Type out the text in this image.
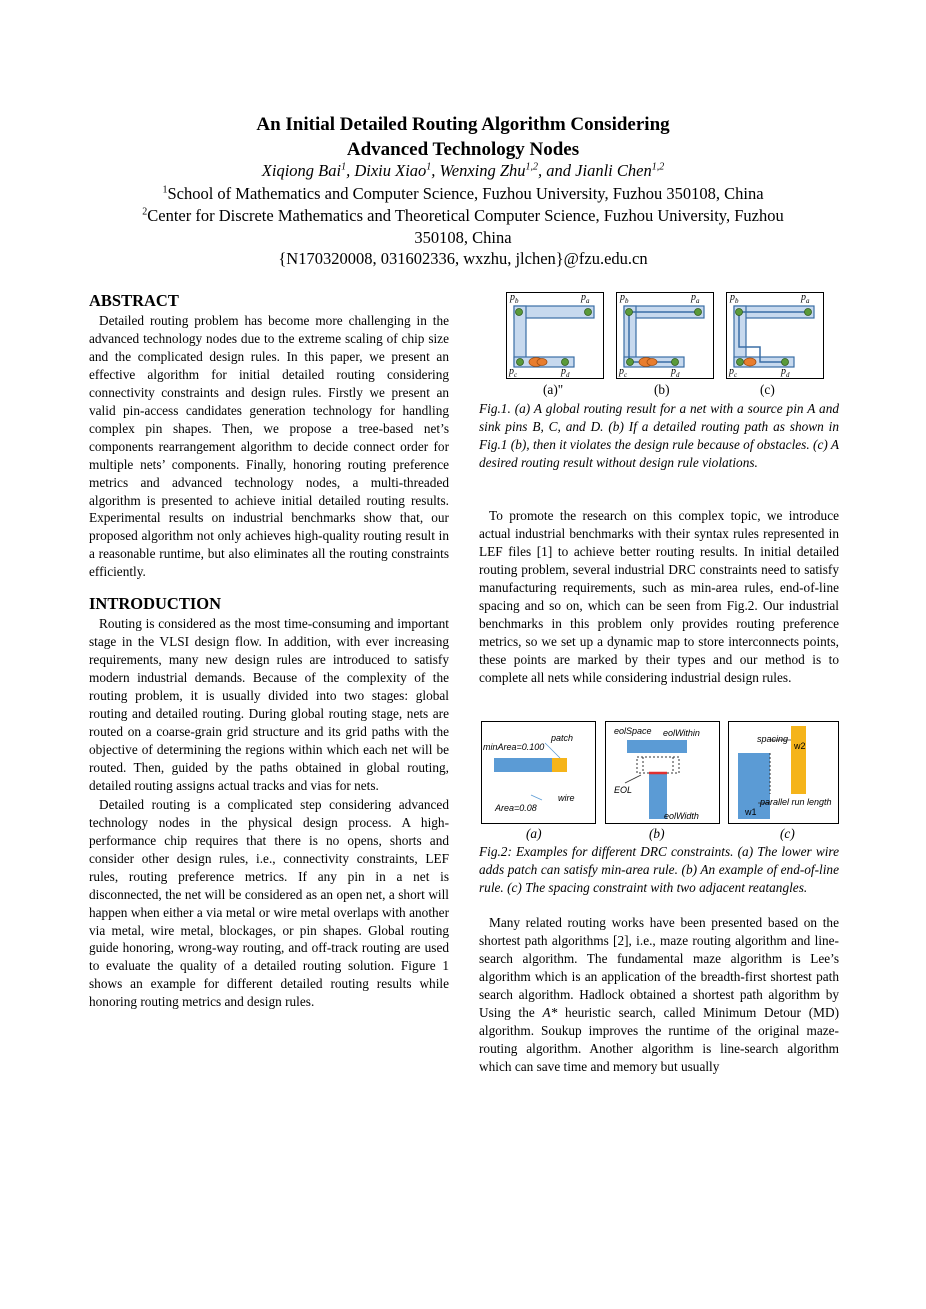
An Initial Detailed Routing Algorithm Considering
Advanced Technology Nodes
Xiqiong Bai$^1$, Dixiu Xiao$^1$, Wenxing Zhu$^{1,2}$, and Jianli Chen$^{1,2}$
$^1$School of Mathematics and Computer Science, Fuzhou University, Fuzhou 350108, China
$^2$Center for Discrete Mathematics and Theoretical Computer Science, Fuzhou University, Fuzhou
350108, China
{N170320008, 031602336, wxzhu, jlchen}@fzu.edu.cn
ABSTRACT

Detailed routing problem has become more challenging in the advanced technology nodes due to the extreme scaling of chip size and the complicated design rules. In this paper, we present an effective algorithm for initial detailed routing considering connectivity constraints and design rules. Firstly we present an valid pin-access candidates generation technology for handling complex pin shapes. Then, we propose a tree-based net’s components rearrangement algorithm to decide connect order for multiple nets’ components. Finally, honoring routing preference metrics and advanced technology nodes, a multi-threaded algorithm is presented to achieve initial detailed routing results. Experimental results on industrial benchmarks show that, our proposed algorithm not only achieves high-quality routing result in a reasonable runtime, but also eliminates all the routing constraints efficiently.

INTRODUCTION

Routing is considered as the most time-consuming and important stage in the VLSI design flow. In addition, with ever increasing requirements, many new design rules are introduced to satisfy modern industrial demands. Because of the complexity of the routing problem, it is usually divided into two stages: global routing and detailed routing. During global routing stage, nets are routed on a coarse-grain grid structure and its grid paths with the objective of determining the regions within which each net will be routed. Then, guided by the paths obtained in global routing, detailed routing assigns actual tracks and vias for nets.

Detailed routing is a complicated step considering advanced technology nodes in the physical design process. A high-performance chip requires that there is no opens, shorts and consider other design rules, i.e., connectivity constraints, LEF rules, routing preference metrics. If any pin in a net is disconnected, the net will be considered as an open net, a short will happen when either a via metal or wire metal overlaps with another via metal, wire metal, blockages, or pin shapes. Global routing guide honoring, wrong-way routing, and off-track routing are used to evaluate the quality of a detailed routing solution. Figure 1 shows an example for different detailed routing results while honoring routing metrics and design rules.

$p_b$	$p_a$
$p_c$	$p_d$
$p_b$	$p_a$
$p_c$	$p_d$
$p_b$	$p_a$
$p_c$	$p_d$
(a)"	(b)	(c)
Fig.1. (a) A global routing result for a net with a source pin A and sink pins B, C, and D. (b) If a detailed routing path as shown in Fig.1 (b), then it violates the design rule because of obstacles. (c) A desired routing result without design rule violations.

To promote the research on this complex topic, we introduce actual industrial benchmarks with their syntax rules represented in LEF files [1] to achieve better routing results. In initial detailed routing problem, several industrial DRC constraints need to satisfy manufacturing requirements, such as min-area rules, end-of-line spacing and so on, which can be seen from Fig.2. Our industrial benchmarks in this problem only provides routing preference metrics, so we set up a dynamic map to store interconnects points, these points are marked by their types and our method is to complete all nets while considering industrial design rules.

minArea=0.100
patch
wire
Area=0.08
eolSpace eolWithin
EOL
eolWidth
spacing
w2
parallel run length
w1
(a)	(b)	(c)
Fig.2: Examples for different DRC constraints. (a) The lower wire adds patch can satisfy min-area rule. (b) An example of end-of-line rule. (c) The spacing constraint with two adjacent reatangles.

Many related routing works have been presented based on the shortest path algorithms [2], i.e., maze routing algorithm and line-search algorithm. The fundamental maze algorithm is Lee’s algorithm which is an application of the breadth-first shortest path search algorithm. Hadlock obtained a shortest path algorithm by Using the A* heuristic search, called Minimum Detour (MD) algorithm. Soukup improves the runtime of the original maze-routing algorithm. Another algorithm is line-search algorithm which can save time and memory but usually
